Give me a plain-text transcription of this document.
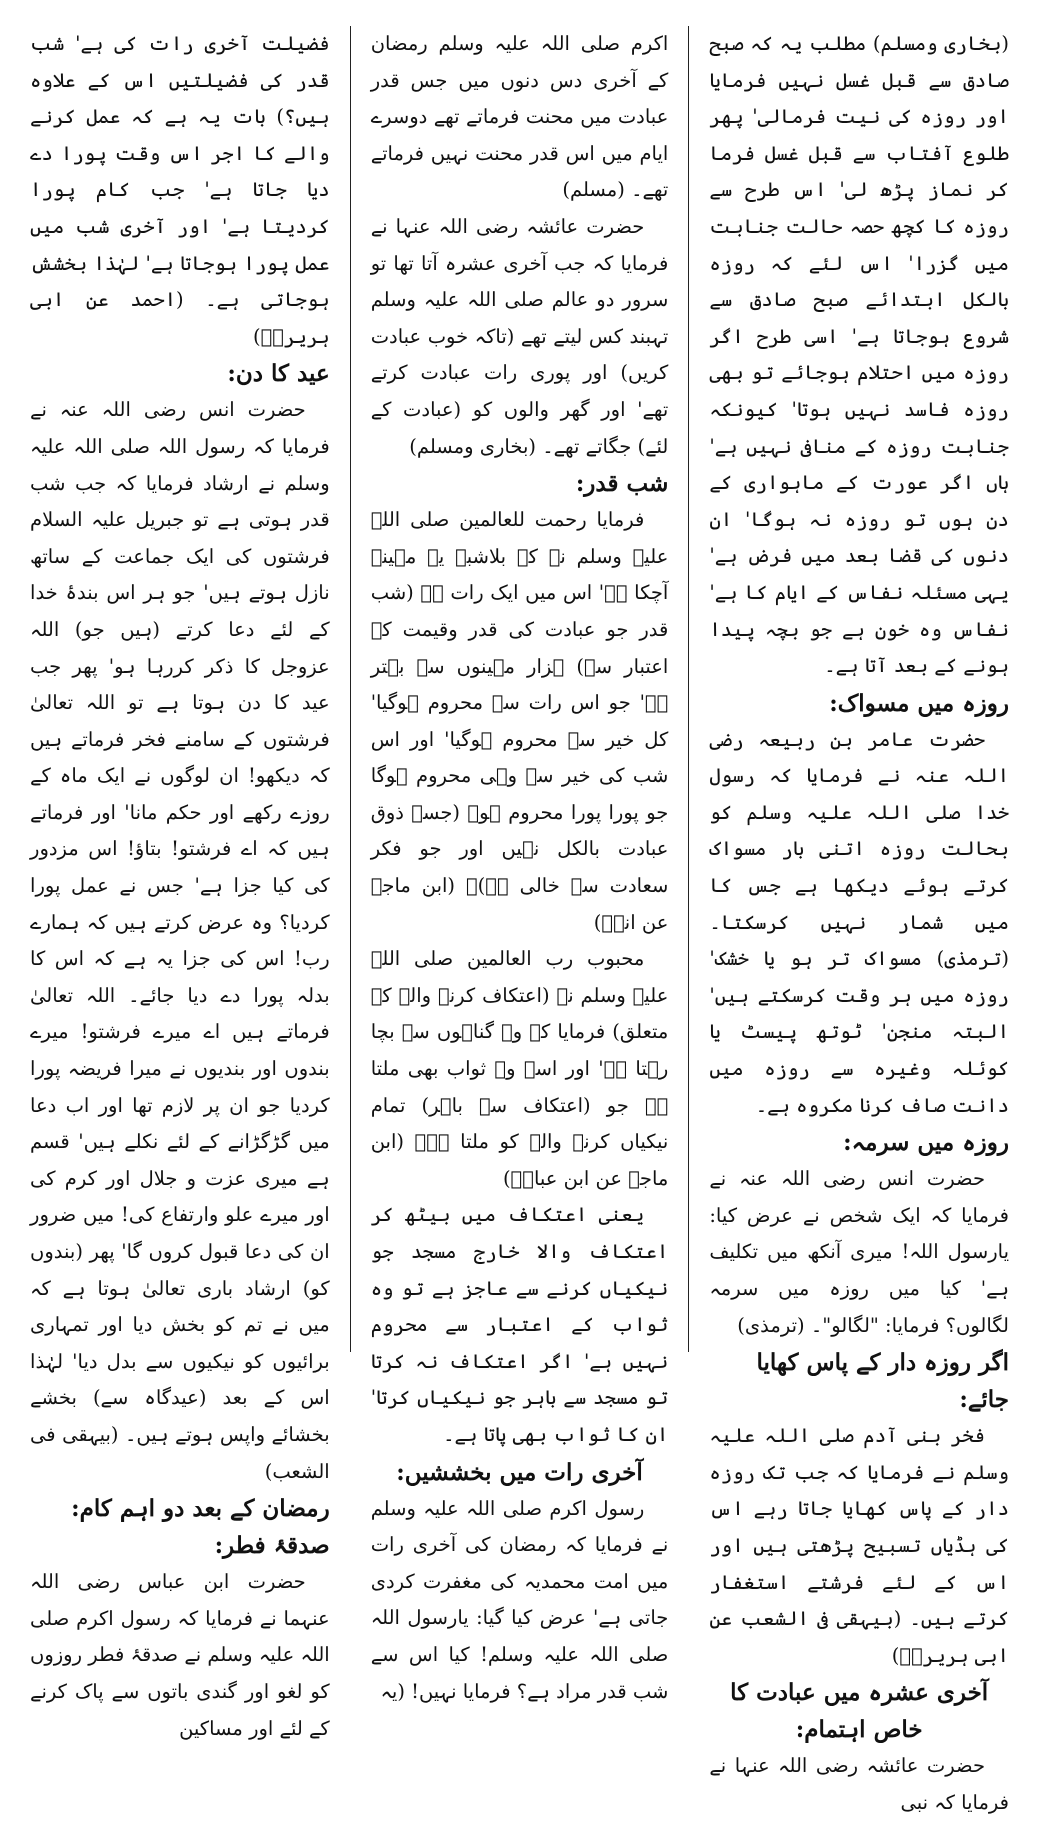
(بخاری ومسلم) مطلب یہ کہ صبح صادق سے قبل غسل نہیں فرمایا اور روزہ کی نیت فرمالی' پھر طلوع آفتاب سے قبل غسل فرما کر نماز پڑھ لی' اس طرح سے روزہ کا کچھ حصہ حالت جنابت میں گزرا' اس لئے کہ روزہ بالکل ابتدائے صبح صادق سے شروع ہوجاتا ہے' اسی طرح اگر روزہ میں احتلام ہوجائے تو بھی روزہ فاسد نہیں ہوتا' کیونکہ جنابت روزہ کے منافی نہیں ہے' ہاں اگر عورت کے ماہواری کے دن ہوں تو روزہ نہ ہوگا' ان دنوں کی قضا بعد میں فرض ہے' یہی مسئلہ نفاس کے ایام کا ہے' نفاس وہ خون ہے جو بچہ پیدا ہونے کے بعد آتا ہے۔

روزہ میں مسواک:

حضرت عامر بن ربیعہ رضی اللہ عنہ نے فرمایا کہ رسول خدا صلی اللہ علیہ وسلم کو بحالت روزہ اتنی بار مسواک کرتے ہوئے دیکھا ہے جس کا میں شمار نہیں کرسکتا۔ (ترمذی) مسواک تر ہو یا خشک' روزہ میں ہر وقت کرسکتے ہیں' البتہ منجن' ٹوتھ پیسٹ یا کوئلہ وغیرہ سے روزہ میں دانت صاف کرنا مکروہ ہے۔

روزہ میں سرمہ:

حضرت انس رضی اللہ عنہ نے فرمایا کہ ایک شخص نے عرض کیا: یارسول اللہ! میری آنکھ میں تکلیف ہے' کیا میں روزہ میں سرمہ لگالوں؟ فرمایا: "لگالو"۔ (ترمذی)

اگر روزہ دار کے پاس کھایا جائے:

فخر بنی آدم صلی اللہ علیہ وسلم نے فرمایا کہ جب تک روزہ دار کے پاس کھایا جاتا رہے اس کی ہڈیاں تسبیح پڑھتی ہیں اور اس کے لئے فرشتے استغفار کرتے ہیں۔ (بیہقی فی الشعب عن ابی ہریرہؓ)

آخری عشرہ میں عبادت کا خاص اہتمام:

حضرت عائشہ رضی اللہ عنہا نے فرمایا کہ نبی

اکرم صلی اللہ علیہ وسلم رمضان کے آخری دس دنوں میں جس قدر عبادت میں محنت فرماتے تھے دوسرے ایام میں اس قدر محنت نہیں فرماتے تھے۔ (مسلم)

حضرت عائشہ رضی اللہ عنہا نے فرمایا کہ جب آخری عشرہ آتا تھا تو سرور دو عالم صلی اللہ علیہ وسلم تہبند کس لیتے تھے (تاکہ خوب عبادت کریں) اور پوری رات عبادت کرتے تھے' اور گھر والوں کو (عبادت کے لئے) جگاتے تھے۔ (بخاری ومسلم)

شب قدر:

فرمایا رحمت للعالمین صلی اللہ علیہ وسلم نے کہ بلاشبہ یہ مہینہ آچکا ہے' اس میں ایک رات ہے (شب قدر جو عبادت کی قدر وقیمت کے اعتبار سے) ہزار مہینوں سے بہتر ہے' جو اس رات سے محروم ہوگیا' کل خیر سے محروم ہوگیا' اور اس شب کی خیر سے وہی محروم ہوگا جو پورا پورا محروم ہو۔ (جسے ذوق عبادت بالکل نہیں اور جو فکر سعادت سے خالی ہے)۔ (ابن ماجہ عن انسؓ)

محبوب رب العالمین صلی اللہ علیہ وسلم نے (اعتکاف کرنے والے کے متعلق) فرمایا کہ وہ گناہوں سے بچا رہتا ہے' اور اسے وہ ثواب بھی ملتا ہے جو (اعتکاف سے باہر) تمام نیکیاں کرنے والے کو ملتا ہے۔ (ابن ماجہ عن ابن عباسؓ)

یعنی اعتکاف میں بیٹھ کر اعتکاف والا خارج مسجد جو نیکیاں کرنے سے عاجز ہے تو وہ ثواب کے اعتبار سے محروم نہیں ہے' اگر اعتکاف نہ کرتا تو مسجد سے باہر جو نیکیاں کرتا' ان کا ثواب بھی پاتا ہے۔

آخری رات میں بخششیں:

رسول اکرم صلی اللہ علیہ وسلم نے فرمایا کہ رمضان کی آخری رات میں امت محمدیہ کی مغفرت کردی جاتی ہے' عرض کیا گیا: یارسول اللہ صلی اللہ علیہ وسلم! کیا اس سے شب قدر مراد ہے؟ فرمایا نہیں! (یہ

فضیلت آخری رات کی ہے' شب قدر کی فضیلتیں اس کے علاوہ ہیں؟) بات یہ ہے کہ عمل کرنے والے کا اجر اس وقت پورا دے دیا جاتا ہے' جب کام پورا کردیتا ہے' اور آخری شب میں عمل پورا ہوجاتا ہے' لہٰذا بخشش ہوجاتی ہے۔ (احمد عن ابی ہریرہؓ)

عید کا دن:

حضرت انس رضی اللہ عنہ نے فرمایا کہ رسول اللہ صلی اللہ علیہ وسلم نے ارشاد فرمایا کہ جب شب قدر ہوتی ہے تو جبریل علیہ السلام فرشتوں کی ایک جماعت کے ساتھ نازل ہوتے ہیں' جو ہر اس بندۂ خدا کے لئے دعا کرتے (ہیں جو) اللہ عزوجل کا ذکر کررہا ہو' پھر جب عید کا دن ہوتا ہے تو اللہ تعالیٰ فرشتوں کے سامنے فخر فرماتے ہیں کہ دیکھو! ان لوگوں نے ایک ماہ کے روزے رکھے اور حکم مانا' اور فرماتے ہیں کہ اے فرشتو! بتاؤ! اس مزدور کی کیا جزا ہے' جس نے عمل پورا کردیا؟ وہ عرض کرتے ہیں کہ ہمارے رب! اس کی جزا یہ ہے کہ اس کا بدلہ پورا دے دیا جائے۔ اللہ تعالیٰ فرماتے ہیں اے میرے فرشتو! میرے بندوں اور بندیوں نے میرا فریضہ پورا کردیا جو ان پر لازم تھا اور اب دعا میں گڑگڑانے کے لئے نکلے ہیں' قسم ہے میری عزت و جلال اور کرم کی اور میرے علو وارتفاع کی! میں ضرور ان کی دعا قبول کروں گا' پھر (بندوں کو) ارشاد باری تعالیٰ ہوتا ہے کہ میں نے تم کو بخش دیا اور تمہاری برائیوں کو نیکیوں سے بدل دیا' لہٰذا اس کے بعد (عیدگاہ سے) بخشے بخشائے واپس ہوتے ہیں۔ (بیہقی فی الشعب)

رمضان کے بعد دو اہم کام:
صدقۂ فطر:

حضرت ابن عباس رضی اللہ عنہما نے فرمایا کہ رسول اکرم صلی اللہ علیہ وسلم نے صدقۂ فطر روزوں کو لغو اور گندی باتوں سے پاک کرنے کے لئے اور مساکین
